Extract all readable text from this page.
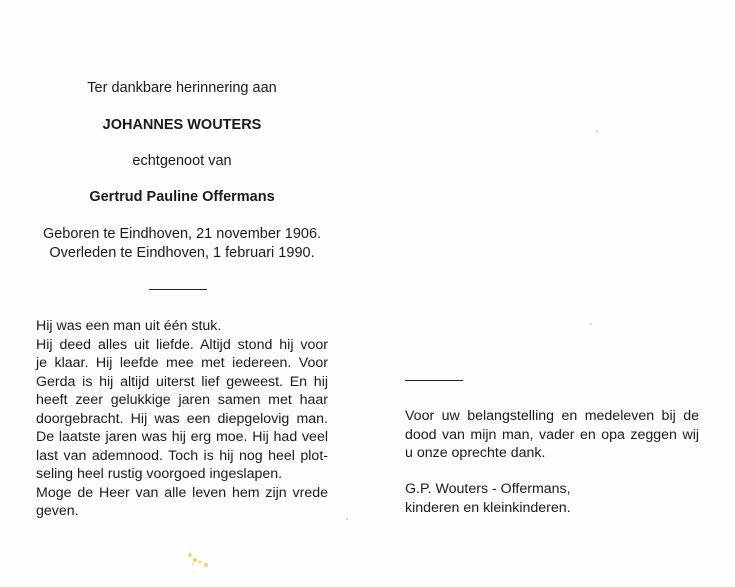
Ter dankbare herinnering aan
JOHANNES WOUTERS
echtgenoot van
Gertrud Pauline Offermans
Geboren te Eindhoven, 21 november 1906.
Overleden te Eindhoven, 1 februari 1990.
Hij was een man uit één stuk.
Hij deed alles uit liefde. Altijd stond hij voor
je klaar. Hij leefde mee met iedereen. Voor
Gerda is hij altijd uiterst lief geweest. En hij
heeft zeer gelukkige jaren samen met haar
doorgebracht. Hij was een diepgelovig man.
De laatste jaren was hij erg moe. Hij had veel
last van ademnood. Toch is hij nog heel plot-
seling heel rustig voorgoed ingeslapen.
Moge de Heer van alle leven hem zijn vrede
geven.
Voor uw belangstelling en medeleven bij de
dood van mijn man, vader en opa zeggen wij
u onze oprechte dank.
G.P. Wouters - Offermans,
kinderen en kleinkinderen.
